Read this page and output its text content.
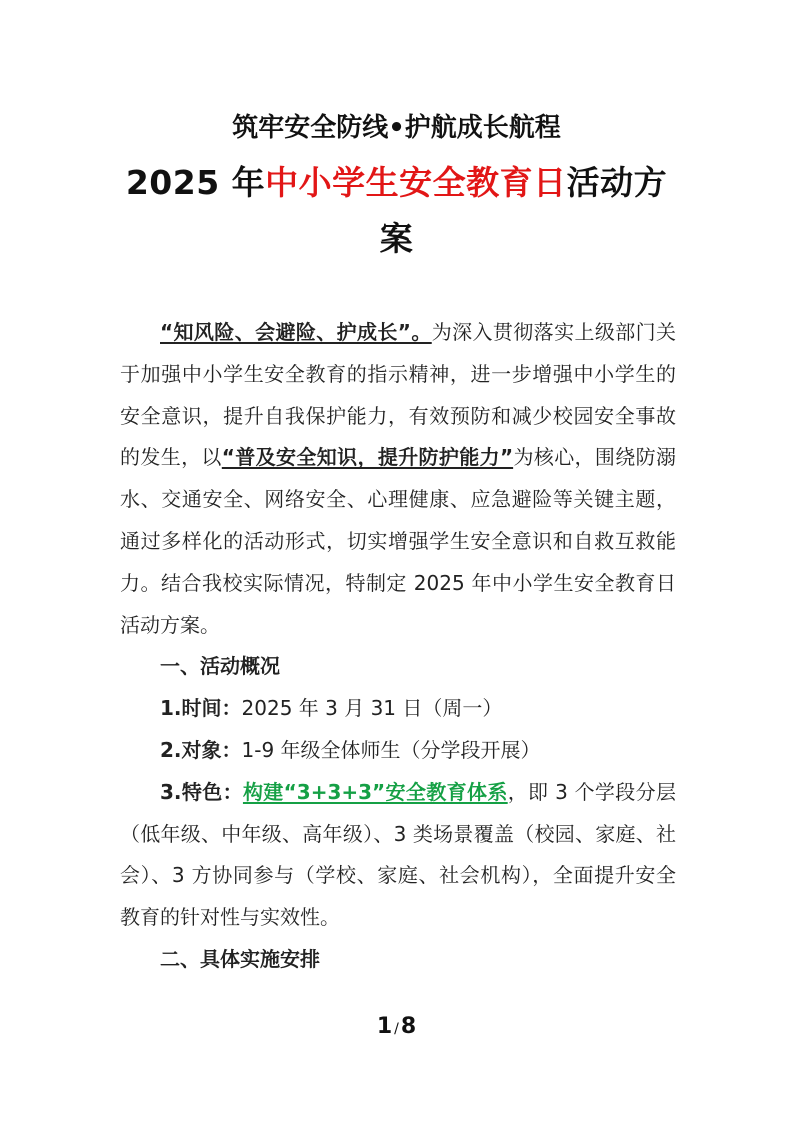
筑牢安全防线•护航成长航程
2025 年中小学生安全教育日活动方案

“知风险、会避险、护成长”。为深入贯彻落实上级部门关于加强中小学生安全教育的指示精神，进一步增强中小学生的安全意识，提升自我保护能力，有效预防和减少校园安全事故的发生，以“普及安全知识，提升防护能力”为核心，围绕防溺水、交通安全、网络安全、心理健康、应急避险等关键主题，通过多样化的活动形式，切实增强学生安全意识和自救互救能力。结合我校实际情况，特制定 2025 年中小学生安全教育日活动方案。

一、活动概况

1.时间：2025 年 3 月 31 日（周一）

2.对象：1-9 年级全体师生（分学段开展）

3.特色：构建“3+3+3”安全教育体系，即 3 个学段分层（低年级、中年级、高年级）、3 类场景覆盖（校园、家庭、社会）、3 方协同参与（学校、家庭、社会机构），全面提升安全教育的针对性与实效性。

二、具体实施安排

1 /8
